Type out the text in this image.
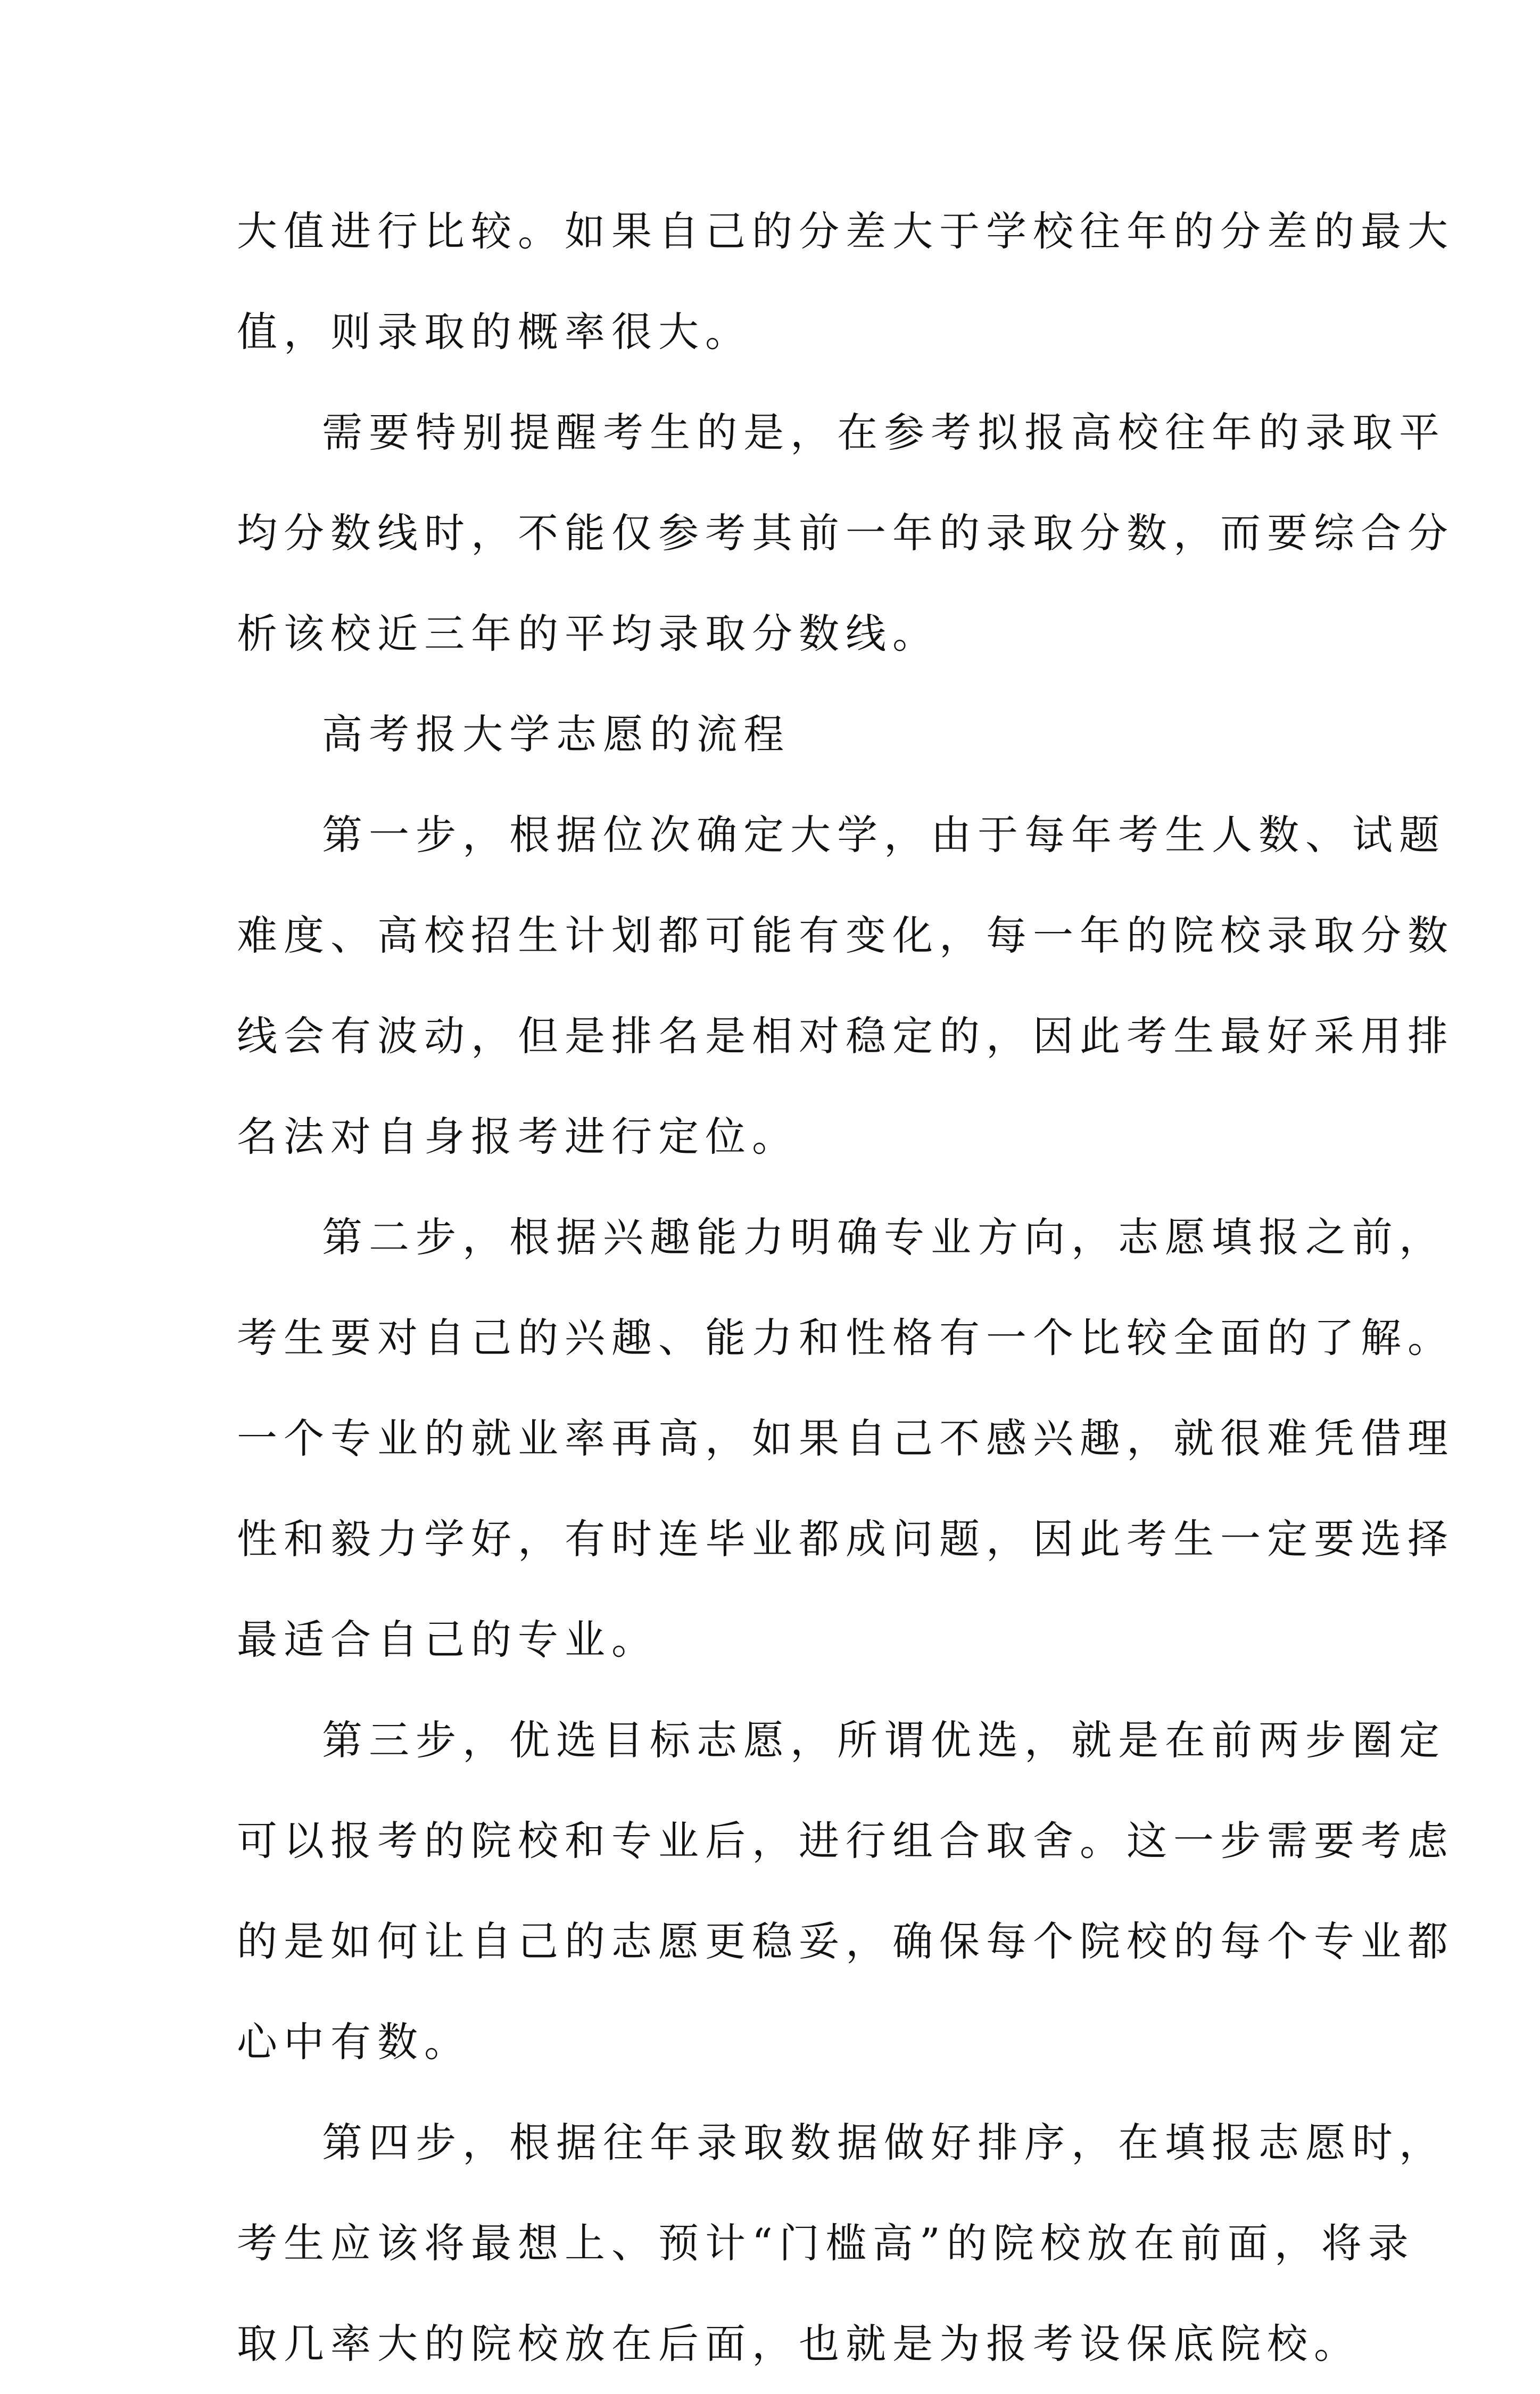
大值进行比较。如果自己的分差大于学校往年的分差的最大

值，则录取的概率很大。

需要特别提醒考生的是，在参考拟报高校往年的录取平

均分数线时，不能仅参考其前一年的录取分数，而要综合分

析该校近三年的平均录取分数线。

高考报大学志愿的流程

第一步，根据位次确定大学，由于每年考生人数、试题

难度、高校招生计划都可能有变化，每一年的院校录取分数

线会有波动，但是排名是相对稳定的，因此考生最好采用排

名法对自身报考进行定位。

第二步，根据兴趣能力明确专业方向，志愿填报之前，

考生要对自己的兴趣、能力和性格有一个比较全面的了解。

一个专业的就业率再高，如果自己不感兴趣，就很难凭借理

性和毅力学好，有时连毕业都成问题，因此考生一定要选择

最适合自己的专业。

第三步，优选目标志愿，所谓优选，就是在前两步圈定

可以报考的院校和专业后，进行组合取舍。这一步需要考虑

的是如何让自己的志愿更稳妥，确保每个院校的每个专业都

心中有数。

第四步，根据往年录取数据做好排序，在填报志愿时，

考生应该将最想上、预计“门槛高”的院校放在前面，将录

取几率大的院校放在后面，也就是为报考设保底院校。
